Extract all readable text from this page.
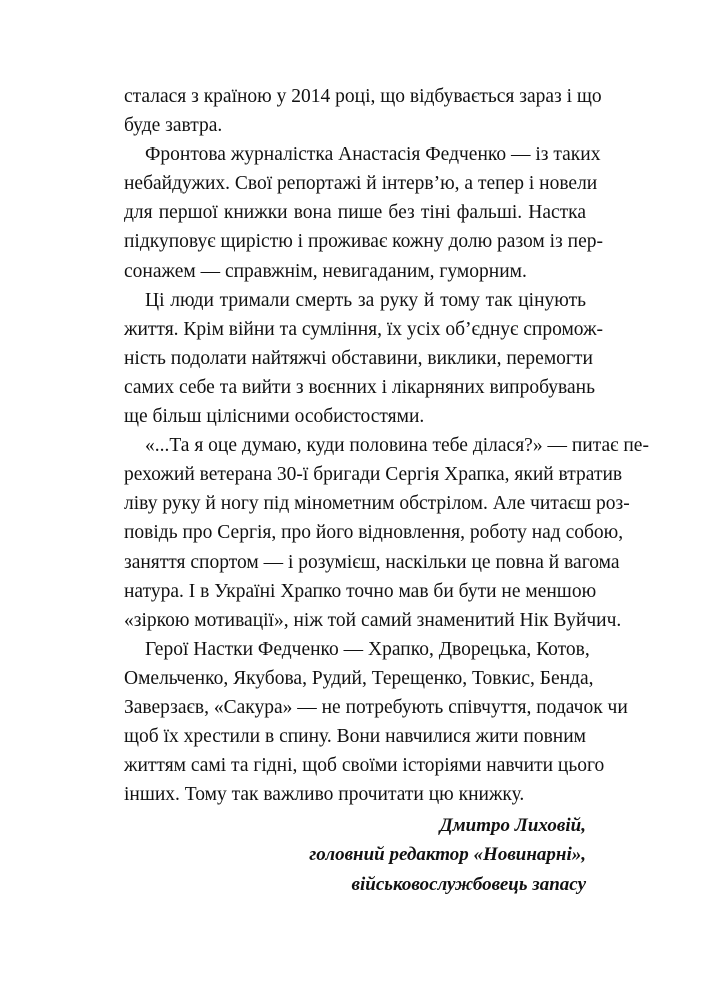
сталася з країною у 2014 році, що відбувається зараз і що
буде завтра.

Фронтова журналістка Анастасія Федченко — із таких
небайдужих. Свої репортажі й інтерв’ю, а тепер і новели
для першої книжки вона пише без тіні фальші. Настка
підкуповує щирістю і проживає кожну долю разом із пер-
сонажем — справжнім, невигаданим, гуморним.

Ці люди тримали смерть за руку й тому так цінують
життя. Крім війни та сумління, їх усіх об’єднує спромож-
ність подолати найтяжчі обставини, виклики, перемогти
самих себе та вийти з воєнних і лікарняних випробувань
ще більш цілісними особистостями.

«...Та я оце думаю, куди половина тебе ділася?» — питає пе-
рехожий ветерана 30-ї бригади Сергія Храпка, який втратив
ліву руку й ногу під мінометним обстрілом. Але читаєш роз-
повідь про Сергія, про його відновлення, роботу над собою,
заняття спортом — і розумієш, наскільки це повна й вагома
натура. І в Україні Храпко точно мав би бути не меншою
«зіркою мотивації», ніж той самий знаменитий Нік Вуйчич.

Герої Настки Федченко — Храпко, Дворецька, Котов,
Омельченко, Якубова, Рудий, Терещенко, Товкис, Бенда,
Заверзаєв, «Сакура» — не потребують співчуття, подачок чи
щоб їх хрестили в спину. Вони навчилися жити повним
життям самі та гідні, щоб своїми історіями навчити цього
інших. Тому так важливо прочитати цю книжку.

Дмитро Лиховій,
головний редактор «Новинарні»,
військовослужбовець запасу
